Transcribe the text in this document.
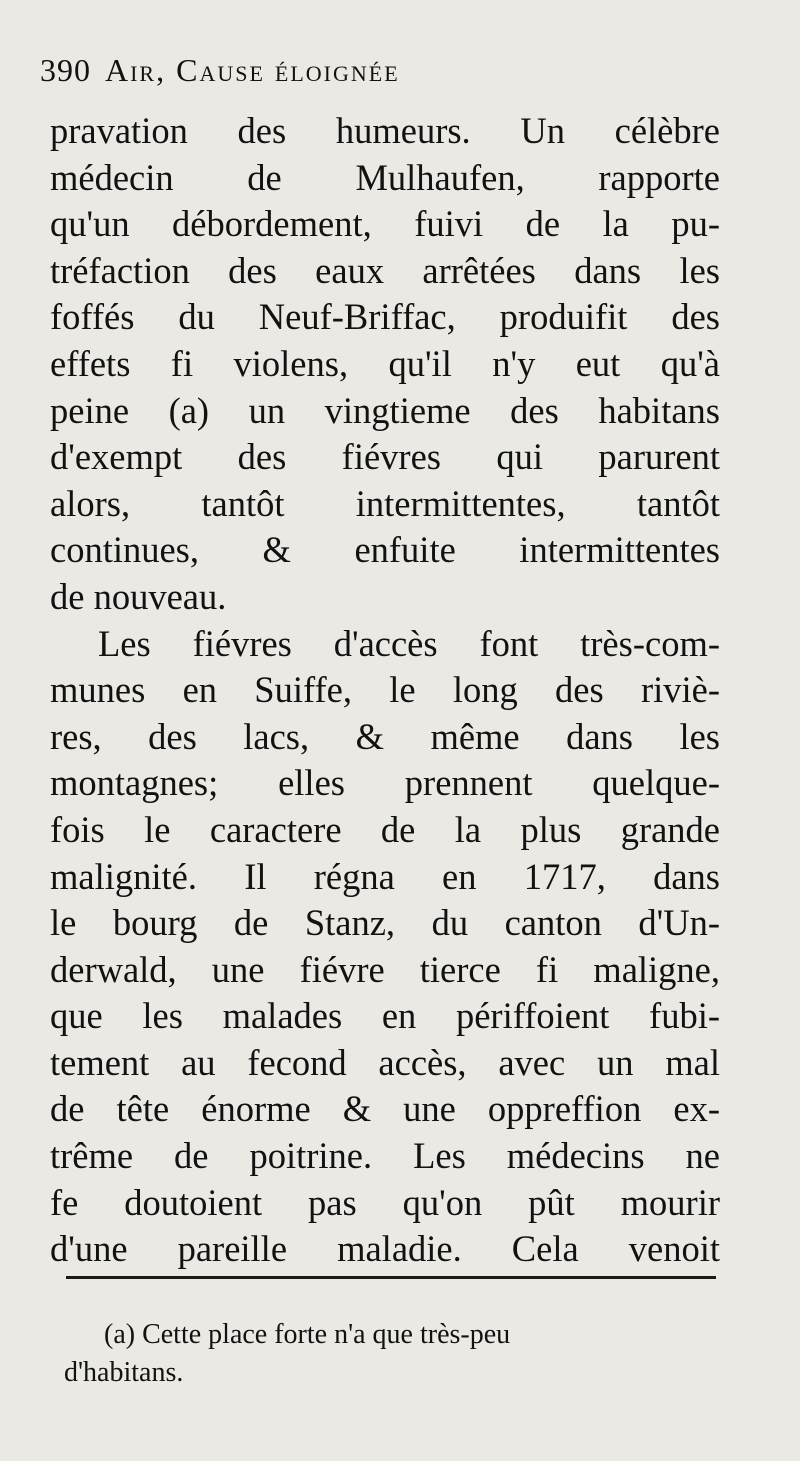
390 Air, Cause éloignée
pravation des humeurs. Un célèbre
médecin de Mulhaufen, rapporte
qu'un débordement, fuivi de la pu-
tréfaction des eaux arrêtées dans les
foffés du Neuf-Briffac, produifit des
effets fi violens, qu'il n'y eut qu'à
peine (a) un vingtieme des habitans
d'exempt des fiévres qui parurent
alors, tantôt intermittentes, tantôt
continues, & enfuite intermittentes
de nouveau.
Les fiévres d'accès font très-com-
munes en Suiffe, le long des riviè-
res, des lacs, & même dans les
montagnes; elles prennent quelque-
fois le caractere de la plus grande
malignité. Il régna en 1717, dans
le bourg de Stanz, du canton d'Un-
derwald, une fiévre tierce fi maligne,
que les malades en périffoient fubi-
tement au fecond accès, avec un mal
de tête énorme & une oppreffion ex-
trême de poitrine. Les médecins ne
fe doutoient pas qu'on pût mourir
d'une pareille maladie. Cela venoit
(a) Cette place forte n'a que très-peu
d'habitans.
